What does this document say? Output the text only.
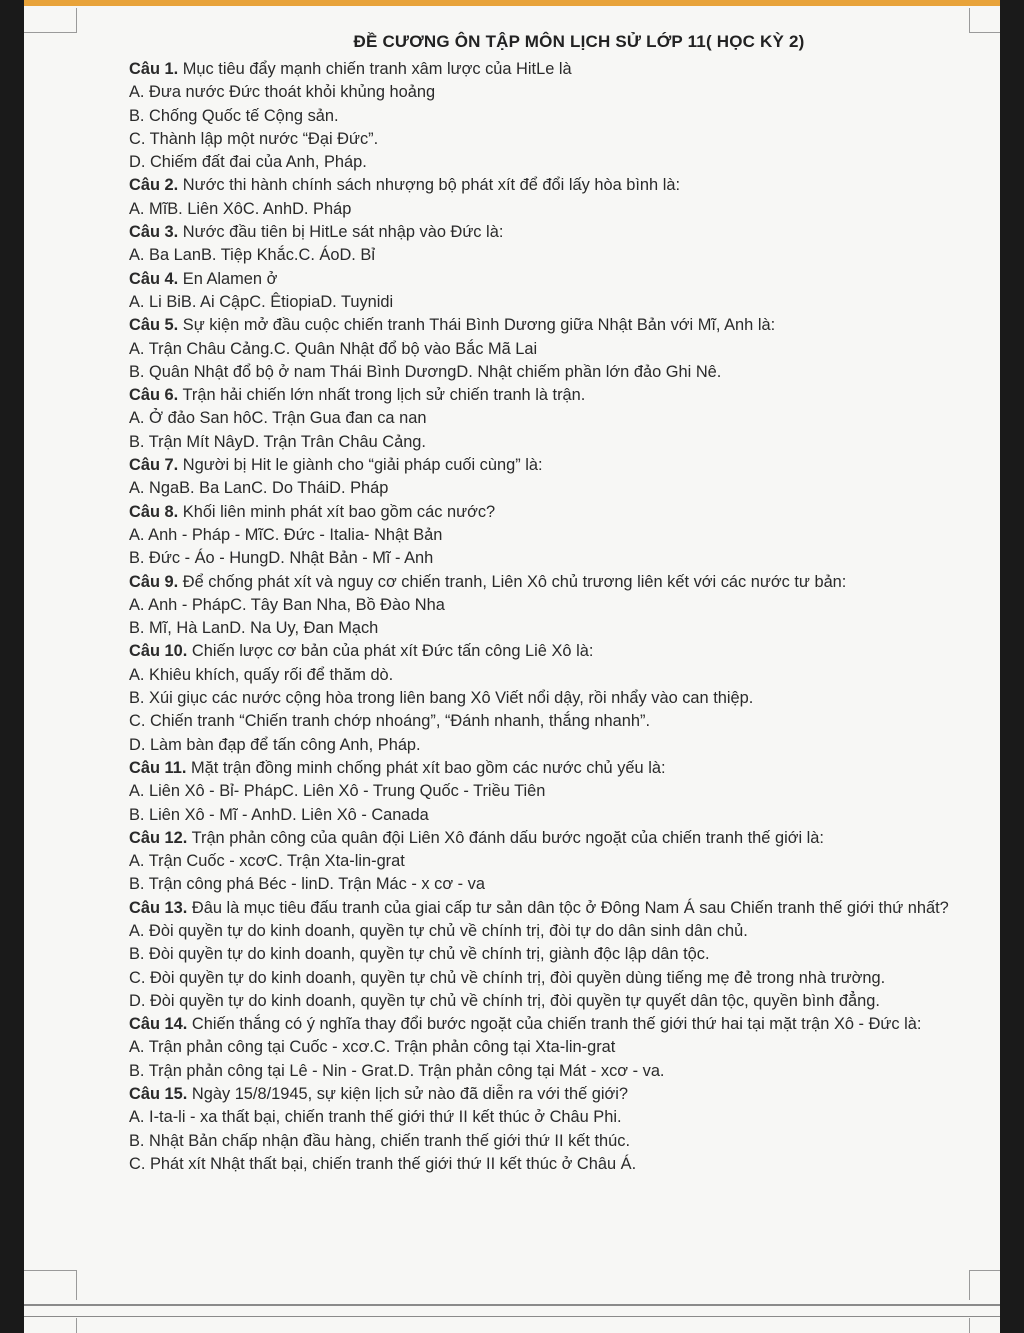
ĐỀ CƯƠNG ÔN TẬP MÔN LỊCH SỬ LỚP 11( HỌC KỲ 2)
Câu 1. Mục tiêu đẩy mạnh chiến tranh xâm lược của HitLe là
A. Đưa nước Đức thoát khỏi khủng hoảng
B. Chống Quốc tế Cộng sản.
C. Thành lập một nước “Đại Đức”.
D. Chiếm đất đai của Anh, Pháp.
Câu 2. Nước thi hành chính sách nhượng bộ phát xít để đổi lấy hòa bình là:
A. MĩB. Liên XôC. AnhD. Pháp
Câu 3. Nước đầu tiên bị HitLe sát nhập vào Đức là:
A. Ba LanB. Tiệp Khắc.C. ÁoD. Bỉ
Câu 4. En Alamen ở
A. Li BiB. Ai CậpC. ÊtiopiaD. Tuynidi
Câu 5. Sự kiện mở đầu cuộc chiến tranh Thái Bình Dương giữa Nhật Bản với Mĩ, Anh là:
A. Trận Châu Cảng.C. Quân Nhật đổ bộ vào Bắc Mã Lai
B. Quân Nhật đổ bộ ở nam Thái Bình DươngD. Nhật chiếm phần lớn đảo Ghi Nê.
Câu 6. Trận hải chiến lớn nhất trong lịch sử chiến tranh là trận.
A. Ở đảo San hôC. Trận Gua đan ca nan
B. Trận Mít NâyD. Trận Trân Châu Cảng.
Câu 7. Người bị Hit le giành cho “giải pháp cuối cùng” là:
A. NgaB. Ba LanC. Do TháiD. Pháp
Câu 8. Khối liên minh phát xít bao gồm các nước?
A. Anh - Pháp - MĩC. Đức - Italia- Nhật Bản
B. Đức - Áo - HungD. Nhật Bản - Mĩ - Anh
Câu 9. Để chống phát xít và nguy cơ chiến tranh, Liên Xô chủ trương liên kết với các nước tư bản:
A. Anh - PhápC. Tây Ban Nha, Bồ Đào Nha
B. Mĩ, Hà LanD. Na Uy, Đan Mạch
Câu 10. Chiến lược cơ bản của phát xít Đức tấn công Liê Xô là:
A. Khiêu khích, quấy rối để thăm dò.
B. Xúi giục các nước cộng hòa trong liên bang Xô Viết nổi dậy, rồi nhẩy vào can thiệp.
C. Chiến tranh “Chiến tranh chớp nhoáng”, “Đánh nhanh, thắng nhanh”.
D. Làm bàn đạp để tấn công Anh, Pháp.
Câu 11. Mặt trận đồng minh chống phát xít bao gồm các nước chủ yếu là:
A. Liên Xô - Bỉ- PhápC. Liên Xô - Trung Quốc - Triều Tiên
B. Liên Xô - Mĩ - AnhD. Liên Xô - Canada
Câu 12. Trận phản công của quân đội Liên Xô đánh dấu bước ngoặt của chiến tranh thế giới là:
A. Trận Cuốc - xcơC. Trận Xta-lin-grat
B. Trận công phá Béc - linD. Trận Mác - x cơ - va
Câu 13. Đâu là mục tiêu đấu tranh của giai cấp tư sản dân tộc ở Đông Nam Á sau Chiến tranh thế giới thứ nhất?
A. Đòi quyền tự do kinh doanh, quyền tự chủ về chính trị, đòi tự do dân sinh dân chủ.
B. Đòi quyền tự do kinh doanh, quyền tự chủ về chính trị, giành độc lập dân tộc.
C. Đòi quyền tự do kinh doanh, quyền tự chủ về chính trị, đòi quyền dùng tiếng mẹ đẻ trong nhà trường.
D. Đòi quyền tự do kinh doanh, quyền tự chủ về chính trị, đòi quyền tự quyết dân tộc, quyền bình đẳng.
Câu 14. Chiến thắng có ý nghĩa thay đổi bước ngoặt của chiến tranh thế giới thứ hai tại mặt trận Xô - Đức là:
A. Trận phản công tại Cuốc - xcơ.C. Trận phản công tại Xta-lin-grat
B. Trận phản công tại Lê - Nin - Grat.D. Trận phản công tại Mát - xcơ - va.
Câu 15. Ngày 15/8/1945, sự kiện lịch sử nào đã diễn ra với thế giới?
A. I-ta-li - xa thất bại, chiến tranh thế giới thứ II kết thúc ở Châu Phi.
B. Nhật Bản chấp nhận đầu hàng, chiến tranh thế giới thứ II kết thúc.
C. Phát xít Nhật thất bại, chiến tranh thế giới thứ II kết thúc ở Châu Á.
